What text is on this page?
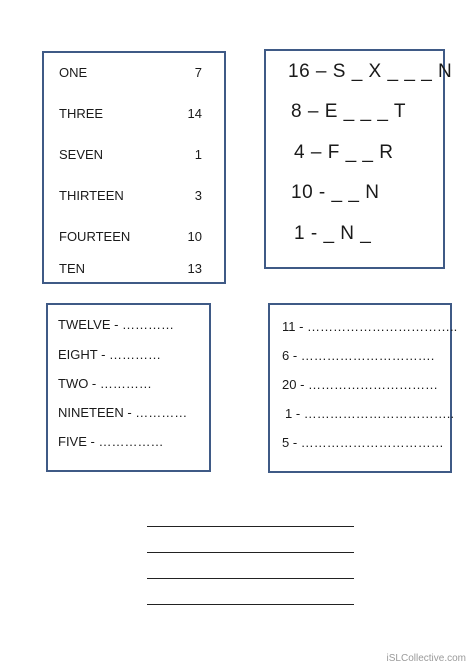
ONE	7
THREE	14
SEVEN	1
THIRTEEN	3
FOURTEEN	10
TEN	13
16 – S _ X _ _ _ N
8 – E _ _ _ T
4 – F _ _ R
10 - _ _ N
1 - _ N _
TWELVE - …………
EIGHT - …………
TWO - …………
NINETEEN - …………
FIVE - ……………
11 - ……………………………..
6 - ………………………….
20 - …………………………
1 - ……………………………..
5 - ……………………………
iSLCollective.com
